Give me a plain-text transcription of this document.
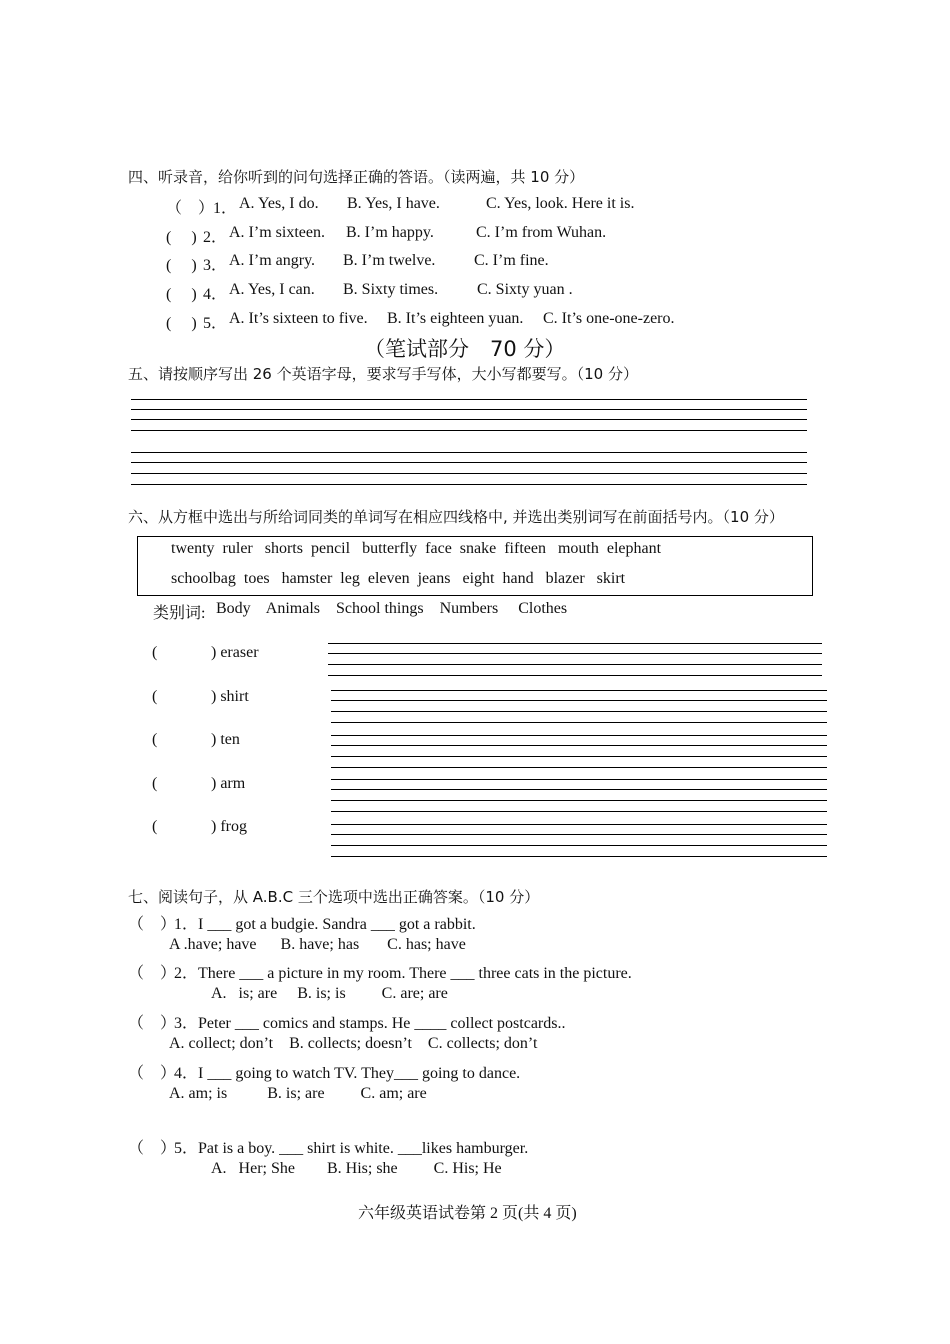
四、听录音，给你听到的问句选择正确的答语。（读两遍，共 10 分）
（　）
1． A. Yes, I do. B. Yes, I have.	C. Yes, look. Here it is.
(　 ) 2． A. I’m sixteen. B. I’m happy.	C. I’m from Wuhan.
(　 ) 3． A. I’m angry. B. I’m twelve. C. I’m fine.
(　 ) 4． A. Yes, I can. B. Sixty times. C. Sixty yuan .
(　 ) 5． A. It’s sixteen to five. B. It’s eighteen yuan. C. It’s one-one-zero.
（笔试部分　70 分）
五、请按顺序写出 26 个英语字母，要求写手写体，大小写都要写。（10 分）
六、从方框中选出与所给词同类的单词写在相应四线格中, 并选出类别词写在前面括号内。（10 分）
twenty  ruler   shorts  pencil   butterfly  face  snake  fifteen   mouth  elephant
schoolbag  toes   hamster  leg  eleven  jeans   eight  hand   blazer   skirt
类别词: Body    Animals    School things    Numbers     Clothes
(	) eraser
(	) shirt
(	) ten
(	) arm
(	) frog
七、阅读句子，从 A.B.C 三个选项中选出正确答案。（10 分）
（　）
1．I ___ got a budgie. Sandra ___ got a rabbit.
A .have; have      B. have; has       C. has; have
（　）
2．There ___ a picture in my room. There ___ three cats in the picture.
A.   is; are     B. is; is         C. are; are
（　）
3．Peter ___ comics and stamps. He ____ collect postcards..
A. collect; don’t    B. collects; doesn’t    C. collects; don’t
（　）
4．I ___ going to watch TV. They___ going to dance.
A. am; is          B. is; are         C. am; are
（　）
5．Pat is a boy. ___ shirt is white. ___likes hamburger.
A.   Her; She        B. His; she         C. His; He
六年级英语试卷第 2 页(共 4 页)
